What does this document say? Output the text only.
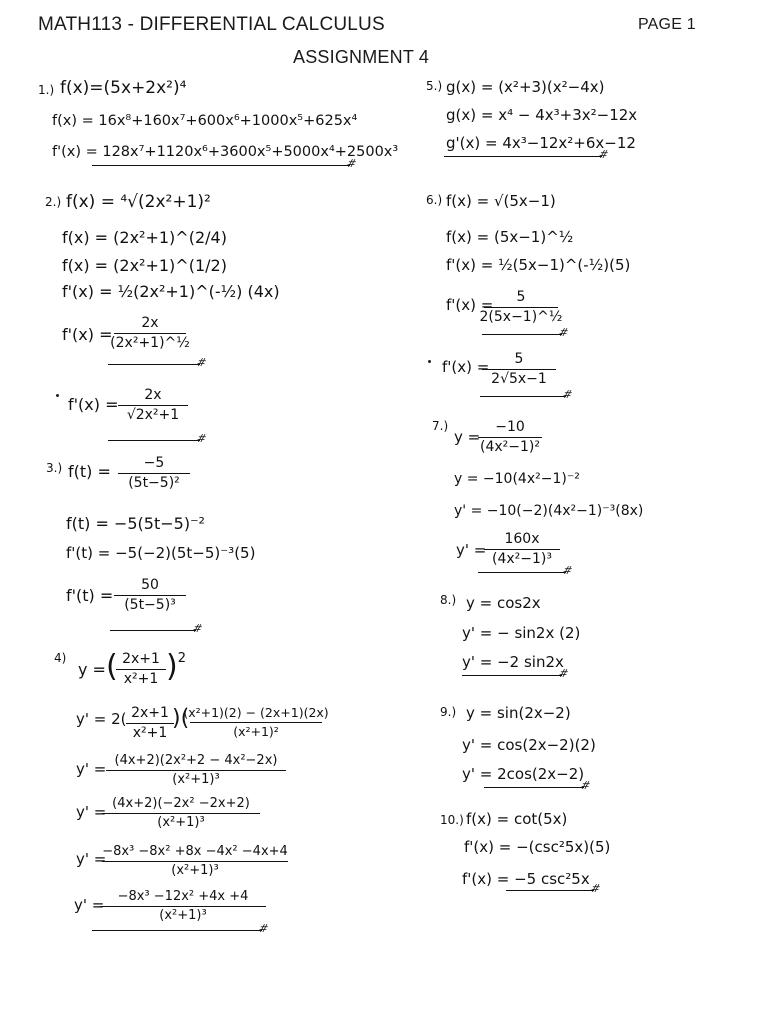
MATH113 - DIFFERENTIAL CALCULUS	PAGE 1
ASSIGNMENT 4
1.) f(x)=(5x+2x²)⁴
f(x) = 16x⁸+160x⁷+600x⁶+1000x⁵+625x⁴
f'(x) = 128x⁷+1120x⁶+3600x⁵+5000x⁴+2500x³
#
2.) f(x) = ⁴√(2x²+1)²
f(x) = (2x²+1)^(2/4)
f(x) = (2x²+1)^(1/2)
f'(x) = ½(2x²+1)^(-½) (4x)
f'(x) =
2x
(2x²+1)^½
#
f'(x) = 2x
√2x²+1
#
3.) f(t) = −5
(5t−5)²
f(t) = −5(5t−5)⁻²
f'(t) = −5(−2)(5t−5)⁻³(5)
f'(t) =
50
(5t−5)³
#
4)
y = ( 2x+1
x²+1 )$^2$
y' = 2( 2x+1
x²+1
)(
(x²+1)(2) − (2x+1)(2x)
(x²+1)²
y' = (4x+2)(2x²+2 − 4x²−2x)
(x²+1)³
y' = (4x+2)(−2x² −2x+2)
(x²+1)³
y' =
−8x³ −8x² +8x −4x² −4x+4
(x²+1)³
y' = −8x³ −12x² +4x +4
(x²+1)³
#
5.) g(x) = (x²+3)(x²−4x)
g(x) = x⁴ − 4x³+3x²−12x
g'(x) = 4x³−12x²+6x−12
#
6.) f(x) = √(5x−1)
f(x) = (5x−1)^½
f'(x) = ½(5x−1)^(-½)(5)
f'(x) = 5
2(5x−1)^½
#
f'(x) = 5
2√5x−1
#
7.)
y =
−10
(4x²−1)²
y = −10(4x²−1)⁻²
y' = −10(−2)(4x²−1)⁻³(8x)
y' =
160x
(4x²−1)³
#
8.) y = cos2x
y' = − sin2x (2)
y' = −2 sin2x
#
9.) y = sin(2x−2)
y' = cos(2x−2)(2)
y' = 2cos(2x−2)
#
10.) f(x) = cot(5x)
f'(x) = −(csc²5x)(5)
f'(x) = −5 csc²5x
#
